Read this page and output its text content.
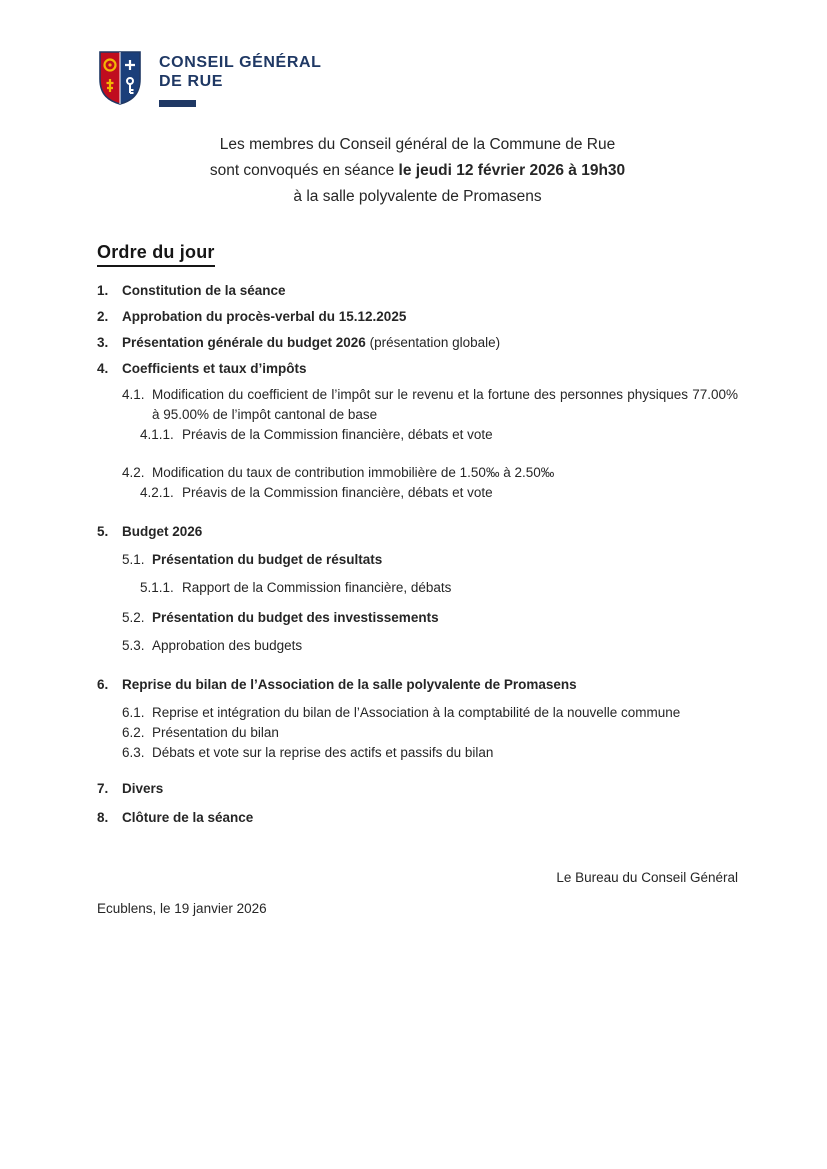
CONSEIL GÉNÉRAL
DE RUE
Les membres du Conseil général de la Commune de Rue
sont convoqués en séance le jeudi 12 février 2026 à 19h30
à la salle polyvalente de Promasens
Ordre du jour
1.	Constitution de la séance
2.	Approbation du procès-verbal du 15.12.2025
3.	Présentation générale du budget 2026 (présentation globale)
4.	Coefficients et taux d’impôts
4.1. Modification du coefficient de l’impôt sur le revenu et la fortune des personnes physiques 77.00% à 95.00% de l’impôt cantonal de base
4.1.1. Préavis de la Commission financière, débats et vote
4.2. Modification du taux de contribution immobilière de 1.50‰ à 2.50‰
4.2.1. Préavis de la Commission financière, débats et vote
5.	Budget 2026
5.1. Présentation du budget de résultats
5.1.1. Rapport de la Commission financière, débats
5.2. Présentation du budget des investissements
5.3. Approbation des budgets
6.	Reprise du bilan de l’Association de la salle polyvalente de Promasens
6.1. Reprise et intégration du bilan de l’Association à la comptabilité de la nouvelle commune
6.2. Présentation du bilan
6.3. Débats et vote sur la reprise des actifs et passifs du bilan
7.	Divers
8.	Clôture de la séance
Le Bureau du Conseil Général
Ecublens, le 19 janvier 2026
